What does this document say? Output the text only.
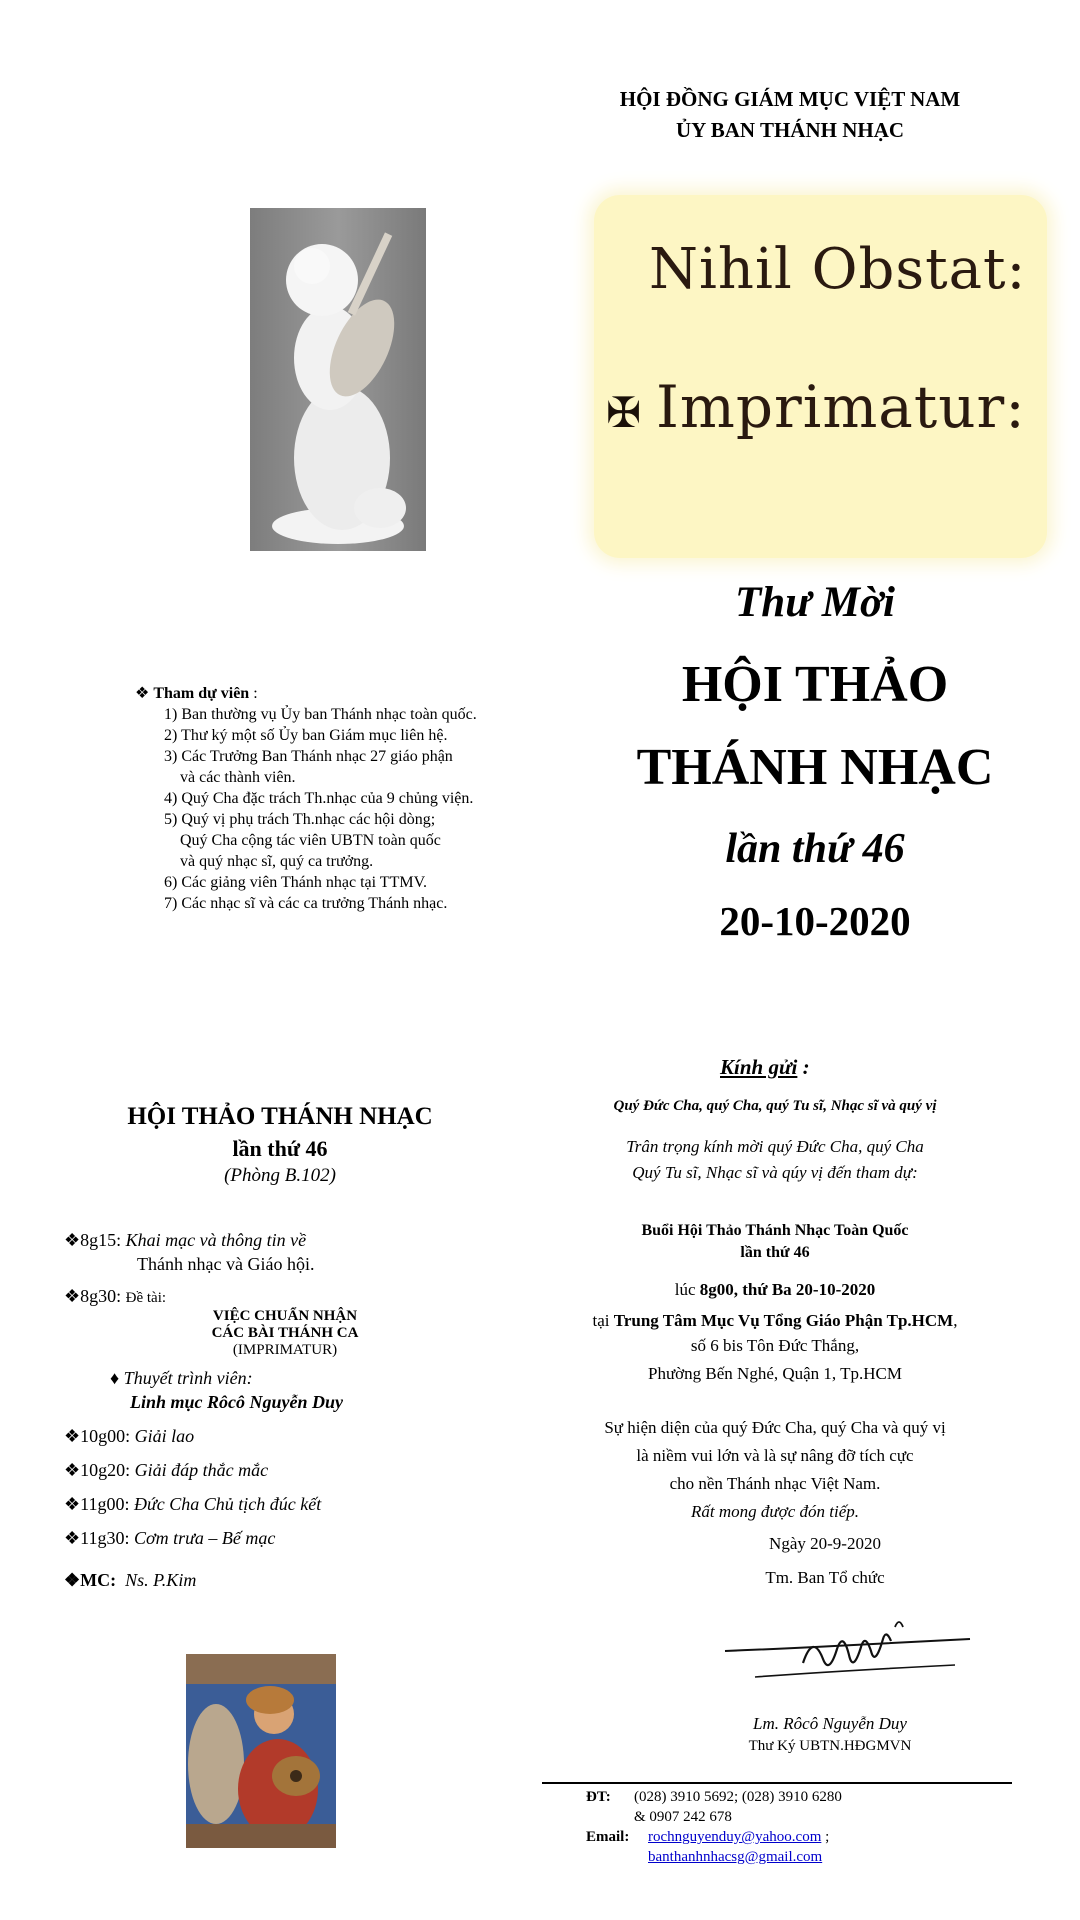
HỘI ĐỒNG GIÁM MỤC VIỆT NAM
ỦY BAN THÁNH NHẠC
Nihil Obstat:
✠ Imprimatur:
Thư Mời
HỘI THẢO
THÁNH NHẠC
lần thứ 46
20-10-2020
❖ Tham dự viên :
1) Ban thường vụ Ủy ban Thánh nhạc toàn quốc.
2) Thư ký một số Ủy ban Giám mục liên hệ.
3) Các Trưởng Ban Thánh nhạc 27 giáo phận
và các thành viên.
4) Quý Cha đặc trách Th.nhạc của 9 chủng viện.
5) Quý vị phụ trách Th.nhạc các hội dòng;
Quý Cha cộng tác viên UBTN toàn quốc
và quý nhạc sĩ, quý ca trưởng.
6) Các giảng viên Thánh nhạc tại TTMV.
7) Các nhạc sĩ và các ca trưởng Thánh nhạc.
HỘI THẢO THÁNH NHẠC
lần thứ 46
(Phòng B.102)
❖8g15: Khai mạc và thông tin về
Thánh nhạc và Giáo hội.
❖8g30: Đề tài:
VIỆC CHUẨN NHẬN
CÁC BÀI THÁNH CA
(IMPRIMATUR)
♦ Thuyết trình viên:
Linh mục Rôcô Nguyễn Duy
❖10g00: Giải lao
❖10g20: Giải đáp thắc mắc
❖11g00: Đức Cha Chủ tịch đúc kết
❖11g30: Cơm trưa – Bế mạc
❖MC: Ns. P.Kim
Kính gửi :
Quý Đức Cha, quý Cha, quý Tu sĩ, Nhạc sĩ và quý vị
Trân trọng kính mời quý Đức Cha, quý Cha
Quý Tu sĩ, Nhạc sĩ và qúy vị đến tham dự:
Buổi Hội Thảo Thánh Nhạc Toàn Quốc
lần thứ 46
lúc 8g00, thứ Ba 20-10-2020
tại Trung Tâm Mục Vụ Tổng Giáo Phận Tp.HCM,
số 6 bis Tôn Đức Thắng,
Phường Bến Nghé, Quận 1, Tp.HCM
Sự hiện diện của quý Đức Cha, quý Cha và quý vị
là niềm vui lớn và là sự nâng đỡ tích cực
cho nền Thánh nhạc Việt Nam.
Rất mong được đón tiếp.
Ngày 20-9-2020
Tm. Ban Tổ chức
Lm. Rôcô Nguyễn Duy
Thư Ký UBTN.HĐGMVN
ĐT: (028) 3910 5692; (028) 3910 6280
& 0907 242 678
Email: rochnguyenduy@yahoo.com ;
banthanhnhacsg@gmail.com
